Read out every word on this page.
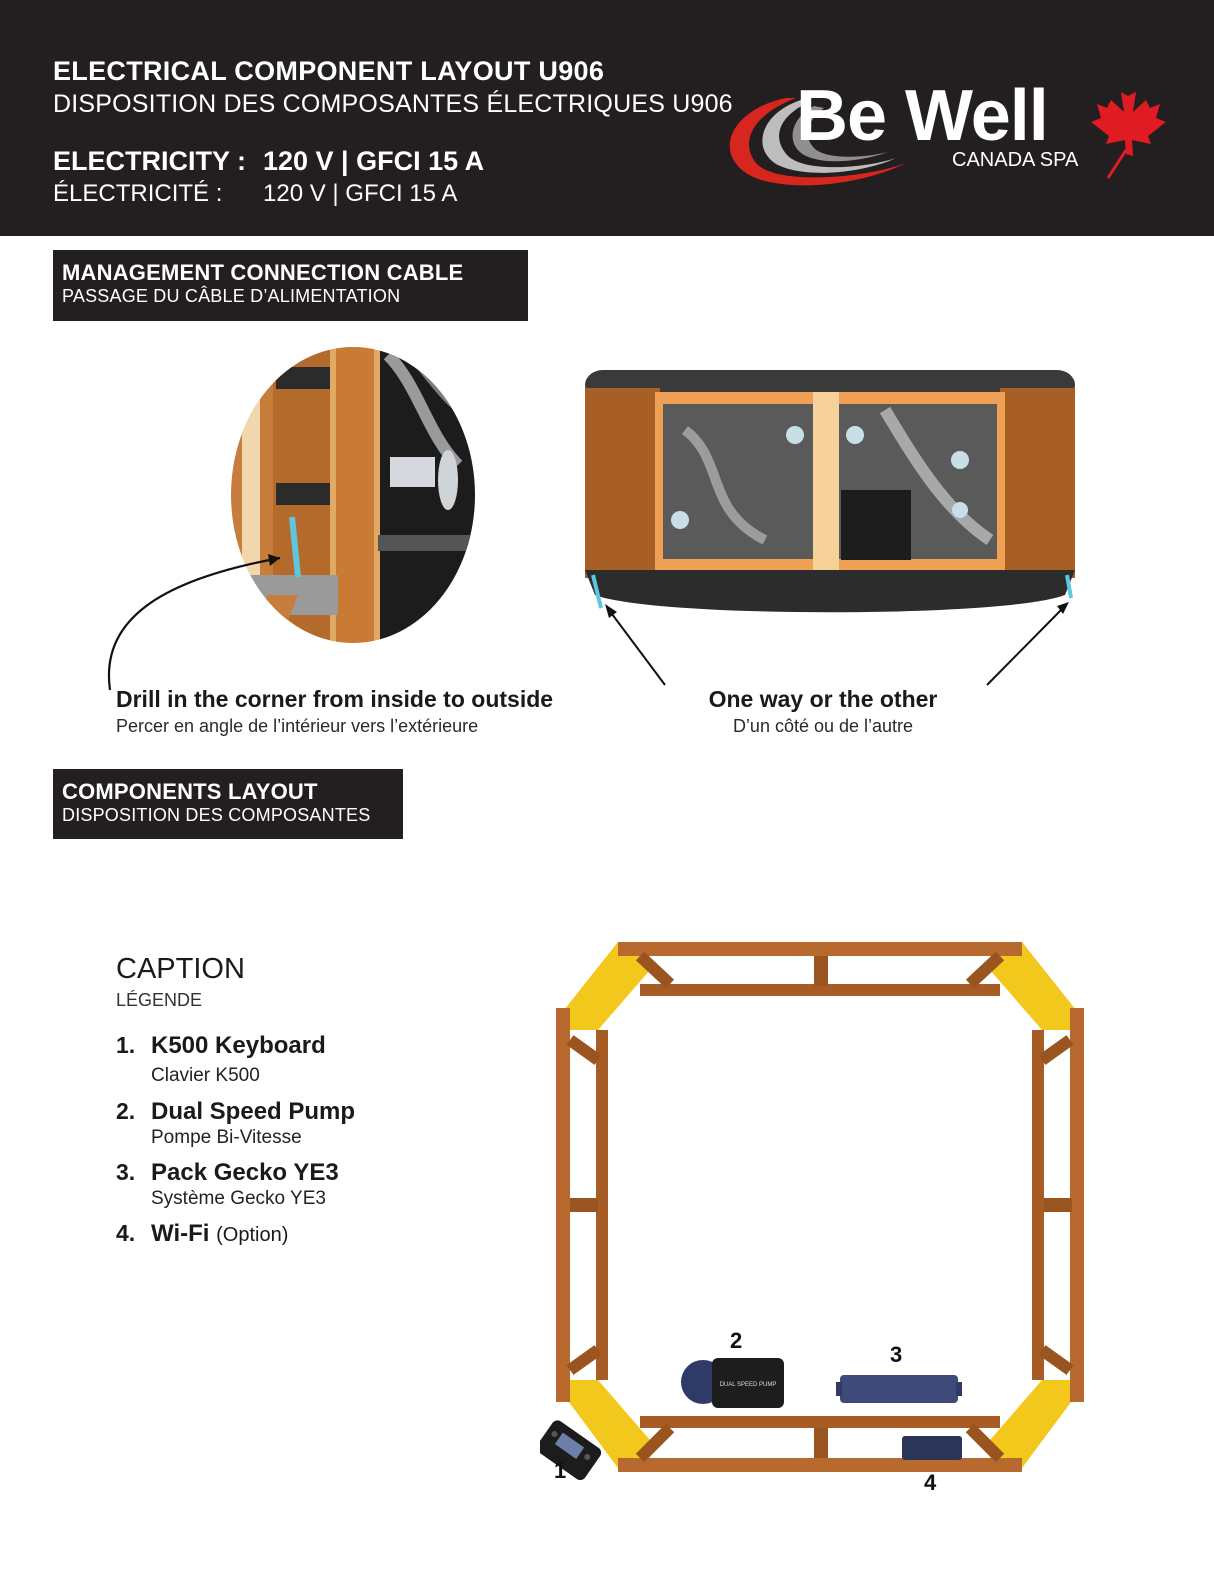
ELECTRICAL COMPONENT LAYOUT U906
DISPOSITION DES COMPOSANTES ÉLECTRIQUES U906
ELECTRICITY : 120 V | GFCI 15 A
ÉLECTRICITÉ : 120 V | GFCI 15 A
Be Well
CANADA SPA
MANAGEMENT CONNECTION CABLE
PASSAGE DU CÂBLE D’ALIMENTATION
Drill in the corner from inside to outside
Percer en angle de l’intérieur vers l’extérieure
One way or the other
D’un côté ou de l’autre
COMPONENTS LAYOUT
DISPOSITION DES COMPOSANTES
CAPTION
LÉGENDE
1. K500 Keyboard
Clavier K500
2. Dual Speed Pump
Pompe Bi-Vitesse
3. Pack Gecko YE3
Système Gecko YE3
4. Wi-Fi (Option)
DUAL SPEED PUMP
1
2
3
4
